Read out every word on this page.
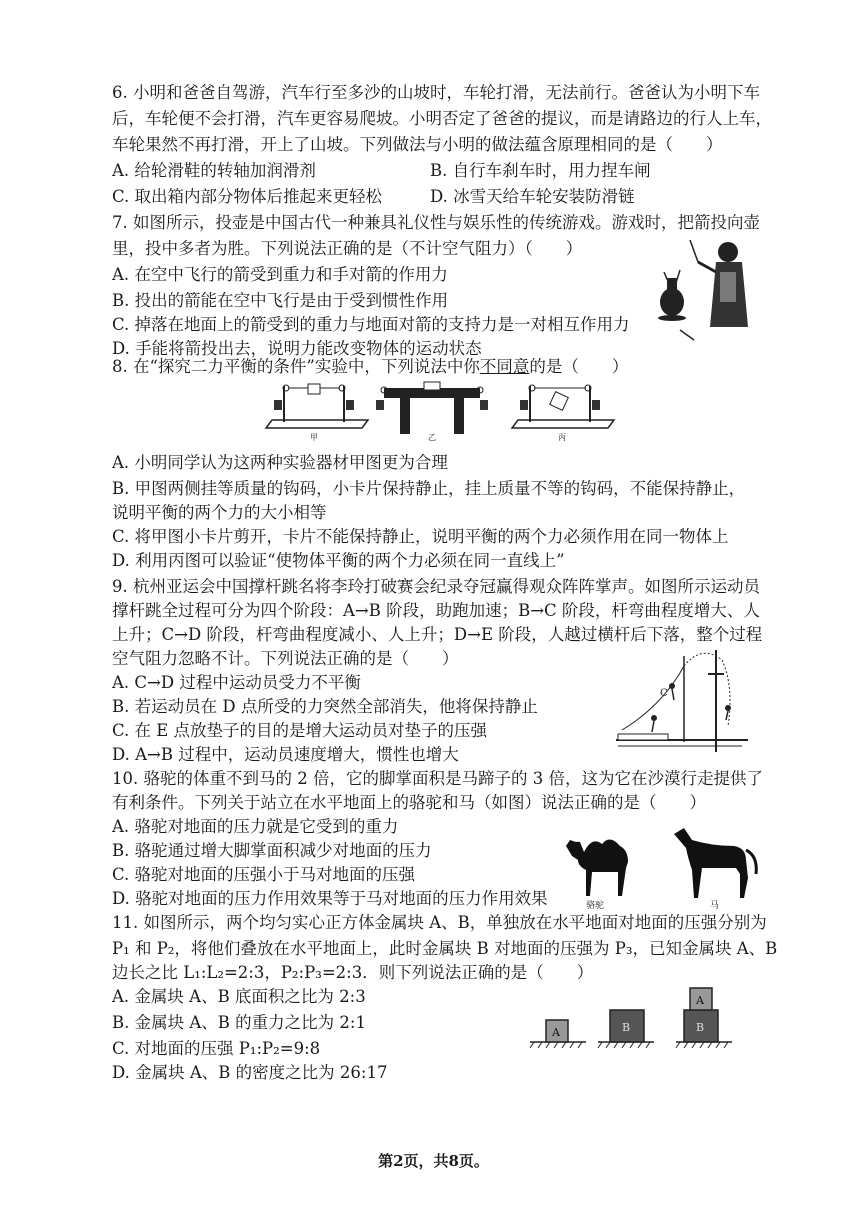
6. 小明和爸爸自驾游，汽车行至多沙的山坡时，车轮打滑，无法前行。爸爸认为小明下车
后，车轮便不会打滑，汽车更容易爬坡。小明否定了爸爸的提议，而是请路边的行人上车，
车轮果然不再打滑，开上了山坡。下列做法与小明的做法蕴含原理相同的是（　　）
A. 给轮滑鞋的转轴加润滑剂	B. 自行车刹车时，用力捏车闸
C. 取出箱内部分物体后推起来更轻松	D. 冰雪天给车轮安装防滑链
7. 如图所示，投壶是中国古代一种兼具礼仪性与娱乐性的传统游戏。游戏时，把箭投向壶
里，投中多者为胜。下列说法正确的是（不计空气阻力）（　　）
A. 在空中飞行的箭受到重力和手对箭的作用力
B. 投出的箭能在空中飞行是由于受到惯性作用
C. 掉落在地面上的箭受到的重力与地面对箭的支持力是一对相互作用力
D. 手能将箭投出去，说明力能改变物体的运动状态
8. 在“探究二力平衡的条件”实验中，下列说法中你不同意的是（　　）
甲	乙	丙
A. 小明同学认为这两种实验器材甲图更为合理
B. 甲图两侧挂等质量的钩码，小卡片保持静止，挂上质量不等的钩码，不能保持静止，
说明平衡的两个力的大小相等
C. 将甲图小卡片剪开，卡片不能保持静止，说明平衡的两个力必须作用在同一物体上
D. 利用丙图可以验证“使物体平衡的两个力必须在同一直线上”
9. 杭州亚运会中国撑杆跳名将李玲打破赛会纪录夺冠赢得观众阵阵掌声。如图所示运动员
撑杆跳全过程可分为四个阶段：A→B 阶段，助跑加速；B→C 阶段，杆弯曲程度增大、人
上升；C→D 阶段，杆弯曲程度减小、人上升；D→E 阶段，人越过横杆后下落，整个过程
空气阻力忽略不计。下列说法正确的是（　　）
A. C→D 过程中运动员受力不平衡
B. 若运动员在 D 点所受的力突然全部消失，他将保持静止
C. 在 E 点放垫子的目的是增大运动员对垫子的压强
D. A→B 过程中，运动员速度增大，惯性也增大
C
10. 骆驼的体重不到马的 2 倍，它的脚掌面积是马蹄子的 3 倍，这为它在沙漠行走提供了
有利条件。下列关于站立在水平地面上的骆驼和马（如图）说法正确的是（　　）
A. 骆驼对地面的压力就是它受到的重力
B. 骆驼通过增大脚掌面积减少对地面的压力
C. 骆驼对地面的压强小于马对地面的压强
D. 骆驼对地面的压力作用效果等于马对地面的压力作用效果	骆驼	马
11. 如图所示，两个均匀实心正方体金属块 A、B，单独放在水平地面对地面的压强分别为
P₁ 和 P₂，将他们叠放在水平地面上，此时金属块 B 对地面的压强为 P₃，已知金属块 A、B
边长之比 L₁:L₂=2:3，P₂:P₃=2:3．则下列说法正确的是（　　）
A. 金属块 A、B 底面积之比为 2:3
B. 金属块 A、B 的重力之比为 2:1
C. 对地面的压强 P₁:P₂=9:8
D. 金属块 A、B 的密度之比为 26:17
A	B
A
B
第2页，共8页。
